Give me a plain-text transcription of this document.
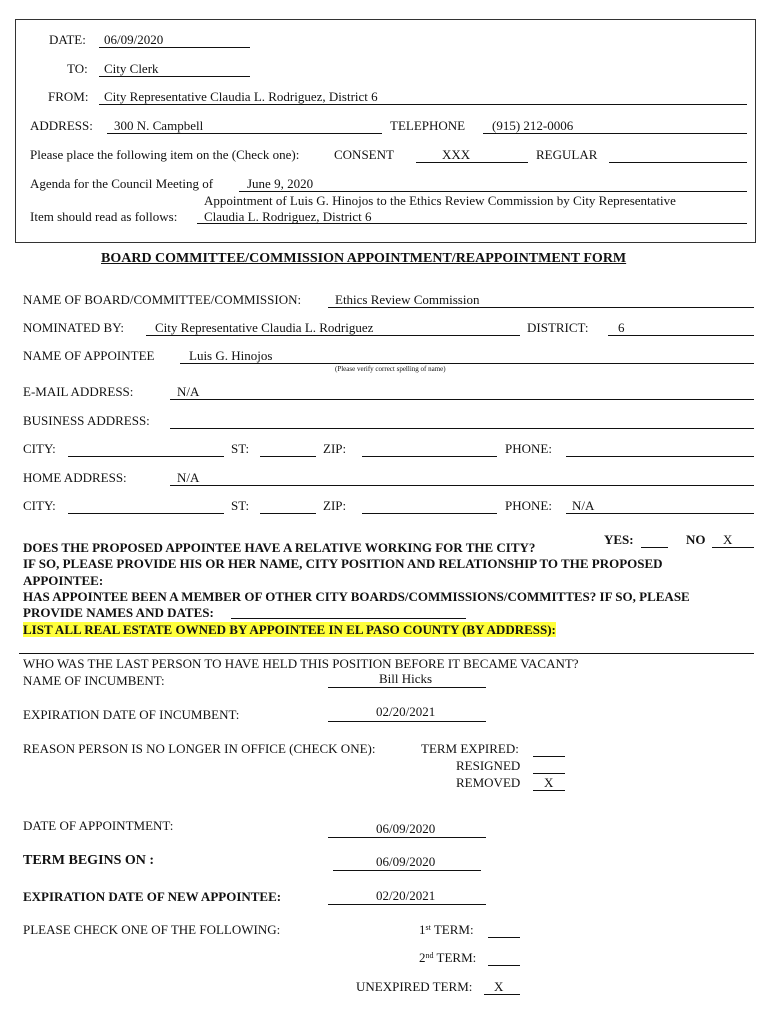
DATE: 06/09/2020
TO: City Clerk
FROM: City Representative Claudia L. Rodriguez, District 6
ADDRESS: 300 N. Campbell	TELEPHONE (915) 212-0006
Please place the following item on the (Check one):	CONSENT	XXX	REGULAR
Agenda for the Council Meeting of	June 9, 2020
Appointment of Luis G. Hinojos to the Ethics Review Commission by City Representative
Item should read as follows: Claudia L. Rodriguez, District 6
BOARD COMMITTEE/COMMISSION APPOINTMENT/REAPPOINTMENT FORM
NAME OF BOARD/COMMITTEE/COMMISSION:	Ethics Review Commission
NOMINATED BY: City Representative Claudia L. Rodriguez	DISTRICT: 6
NAME OF APPOINTEE	Luis G. Hinojos
(Please verify correct spelling of name)
E-MAIL ADDRESS:	N/A
BUSINESS ADDRESS:
CITY:	ST:	ZIP:	PHONE:
HOME ADDRESS:	N/A
CITY:	ST:	ZIP:	PHONE: N/A
YES:	NO X
DOES THE PROPOSED APPOINTEE HAVE A RELATIVE WORKING FOR THE CITY?
IF SO, PLEASE PROVIDE HIS OR HER NAME, CITY POSITION AND RELATIONSHIP TO THE PROPOSED
APPOINTEE:
HAS APPOINTEE BEEN A MEMBER OF OTHER CITY BOARDS/COMMISSIONS/COMMITTES? IF SO, PLEASE
PROVIDE NAMES AND DATES:
LIST ALL REAL ESTATE OWNED BY APPOINTEE IN EL PASO COUNTY (BY ADDRESS):
WHO WAS THE LAST PERSON TO HAVE HELD THIS POSITION BEFORE IT BECAME VACANT?
NAME OF INCUMBENT:	Bill Hicks
EXPIRATION DATE OF INCUMBENT:	02/20/2021
REASON PERSON IS NO LONGER IN OFFICE (CHECK ONE):	TERM EXPIRED:
RESIGNED
REMOVED X
DATE OF APPOINTMENT:	06/09/2020
TERM BEGINS ON :	06/09/2020
EXPIRATION DATE OF NEW APPOINTEE:	02/20/2021
PLEASE CHECK ONE OF THE FOLLOWING:	1st TERM:
2nd TERM:
UNEXPIRED TERM: X
